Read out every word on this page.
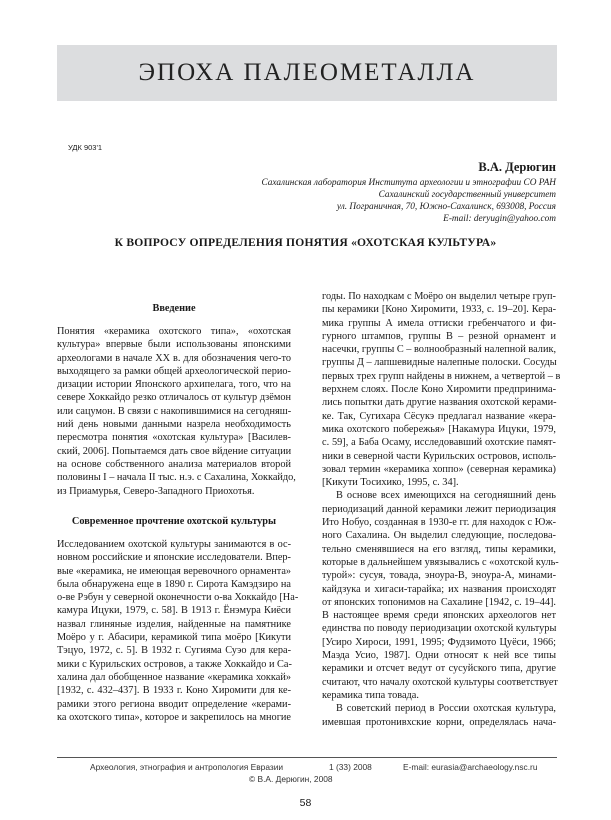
ЭПОХА ПАЛЕОМЕТАЛЛА
УДК 903'1
В.А. Дерюгин
Сахалинская лаборатория Института археологии и этнографии СО РАН
Сахалинский государственный университет
ул. Пограничная, 70, Южно-Сахалинск, 693008, Россия
E-mail: deryugin@yahoo.com
К ВОПРОСУ ОПРЕДЕЛЕНИЯ ПОНЯТИЯ «ОХОТСКАЯ КУЛЬТУРА»
Введение
Понятия «керамика охотского типа», «охотская
культура» впервые были использованы японскими
археологами в начале XX в. для обозначения чего-то
выходящего за рамки общей археологической перио-
дизации истории Японского архипелага, того, что на
севере Хоккайдо резко отличалось от культур дзёмон
или сацумон. В связи с накопившимися на сегодняш-
ний день новыми данными назрела необходимость
пересмотра понятия «охотская культура» [Василев-
ский, 2006]. Попытаемся дать свое вйдение ситуации
на основе собственного анализа материалов второй
половины I – начала II тыс. н.э. с Сахалина, Хоккайдо,
из Приамурья, Северо-Западного Приохотья.
Современное прочтение охотской культуры
Исследованием охотской культуры занимаются в ос-
новном российские и японские исследователи. Впер-
вые «керамика, не имеющая веревочного орнамента»
была обнаружена еще в 1890 г. Сирота Камэдзиро на
о-ве Рэбун у северной оконечности о-ва Хоккайдо [На-
камура Ицуки, 1979, с. 58]. В 1913 г. Ёнэмура Киёси
назвал глиняные изделия, найденные на памятнике
Моёро у г. Абасири, керамикой типа моёро [Кикути
Тэцуо, 1972, с. 5]. В 1932 г. Сугияма Суэо для кера-
мики с Курильских островов, а также Хоккайдо и Са-
халина дал обобщенное название «керамика хоккай»
[1932, с. 432–437]. В 1933 г. Коно Хиромити для ке-
рамики этого региона вводит определение «керами-
ка охотского типа», которое и закрепилось на многие
годы. По находкам с Моёро он выделил четыре груп-
пы керамики [Коно Хиромити, 1933, с. 19–20]. Кера-
мика группы А имела оттиски гребенчатого и фи-
гурного штампов, группы В – резной орнамент и
насечки, группы С – волнообразный налепной валик,
группы Д – лапшевидные налепные полоски. Сосуды
первых трех групп найдены в нижнем, а четвертой – в
верхнем слоях. После Коно Хиромити предпринима-
лись попытки дать другие названия охотской керами-
ке. Так, Сугихара Сёсукэ предлагал название «кера-
мика охотского побережья» [Накамура Ицуки, 1979,
с. 59], а Баба Осаму, исследовавший охотские памят-
ники в северной части Курильских островов, исполь-
зовал термин «керамика хоппо» (северная керамика)
[Кикути Тосихико, 1995, с. 34].
В основе всех имеющихся на сегодняшний день
периодизаций данной керамики лежит периодизация
Ито Нобуо, созданная в 1930-е гг. для находок с Юж-
ного Сахалина. Он выделил следующие, последова-
тельно сменявшиеся на его взгляд, типы керамики,
которые в дальнейшем увязывались с «охотской куль-
турой»: сусуя, товада, эноура-В, эноура-А, минами-
кайдзука и хигаси-тарайка; их названия происходят
от японских топонимов на Сахалине [1942, с. 19–44].
В настоящее время среди японских археологов нет
единства по поводу периодизации охотской культуры
[Усиро Хироси, 1991, 1995; Фудзимото Цуёси, 1966;
Маэда Усио, 1987]. Одни относят к ней все типы
керамики и отсчет ведут от сусуйского типа, другие
считают, что началу охотской культуры соответствует
керамика типа товада.
В советский период в России охотская культура,
имевшая протонивхские корни, определялась нача-
Археология, этнография и антропология Евразии	1 (33) 2008	E-mail: eurasia@archaeology.nsc.ru
© В.А. Дерюгин, 2008
58
